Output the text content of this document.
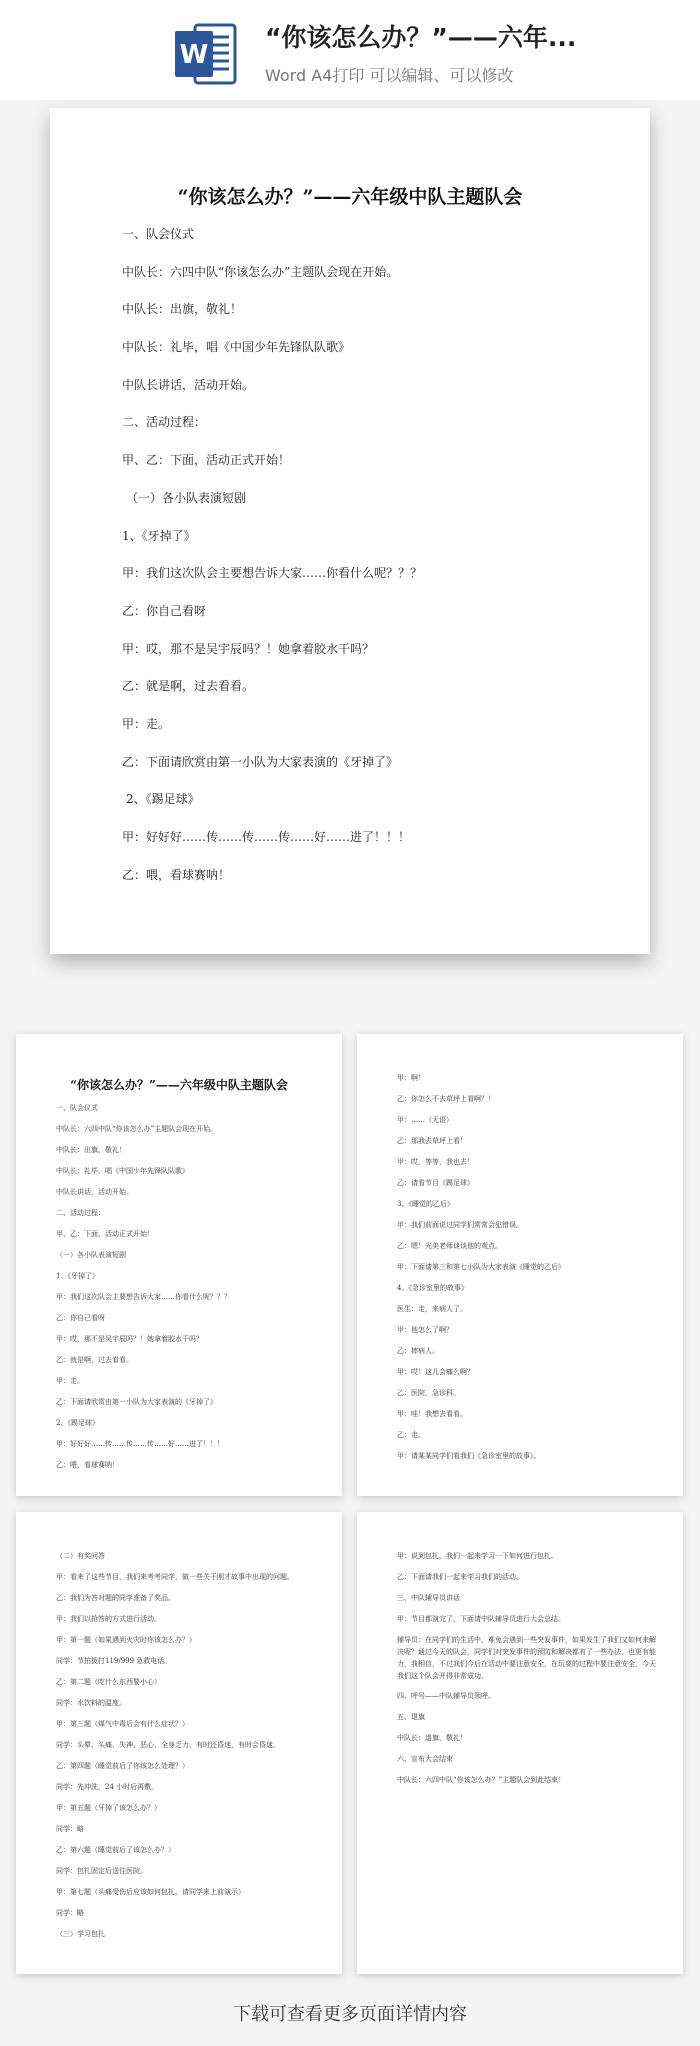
W
“你该怎么办？”——六年...
Word A4打印 可以编辑、可以修改
“你该怎么办？”——六年级中队主题队会
一、队会仪式
中队长：六四中队“你该怎么办”主题队会现在开始。
中队长：出旗，敬礼！
中队长：礼毕，唱《中国少年先锋队队歌》
中队长讲话，活动开始。
二、活动过程：
甲、乙：下面，活动正式开始！
（一）各小队表演短剧
1、《牙掉了》
甲：我们这次队会主要想告诉大家……你看什么呢？？？
乙：你自己看呀
甲：哎，那不是吴宇辰吗？！她拿着胶水干吗？
乙：就是啊，过去看看。
甲：走。
乙：下面请欣赏由第一小队为大家表演的《牙掉了》
2、《踢足球》
甲：好好好……传……传……传……好……进了！！！
乙：喂，看球赛呐！
“你该怎么办？”——六年级中队主题队会
一、队会仪式
中队长：六四中队“你该怎么办”主题队会现在开始。
中队长：出旗，敬礼！
中队长：礼毕，唱《中国少年先锋队队歌》
中队长讲话，活动开始。
二、活动过程：
甲、乙：下面，活动正式开始！
（一）各小队表演短剧
1、《牙掉了》
甲：我们这次队会主要想告诉大家……你看什么呢？？？
乙：你自己看呀
甲：哎，那不是吴宇辰吗？！她拿着胶水干吗？
乙：就是啊，过去看看。
甲：走。
乙：下面请欣赏由第一小队为大家表演的《牙掉了》
2、《踢足球》
甲：好好好……传……传……传……好……进了！！！
乙：喂，看球赛呐！
甲：啊！
乙：你怎么不去草坪上看啊？！
甲：……（无语）
乙：那我去草坪上看！
甲：哎，等等，我也去！
乙：请看节目《踢足球》
3、《睡觉的乙后》
甲：我们前面说过同学们常常会犯错误。
乙：嗯！光美老师谈谈他的观点。
甲：下面请第三和第七小队为大家表演《睡觉的乙后》
4、《急诊室里的故事》
医生：走，来病人了。
甲：他怎么了啊？
乙：摔病人。
甲：哎！这儿会痛么啊？
乙：医院，急诊科。
甲：哇！我想去看看。
乙：走。
甲：请某某同学们看我们《急诊室里的故事》。
（二）有奖问答
甲：看来了这些节目，我们来考考同学，做一些关于刚才故事中出现的问题。
乙：我们为答对题的同学准备了奖品。
甲：我们以抢答的方式进行活动。
甲：第一题（如果遇到火灾时你该怎么办？）
同学：节拍拨打119/999 急救电话。
乙：第二题（吃什么东西要小心）
同学：水饮料的温度。
甲：第三题（煤气中毒后会有什么症状？）
同学：头晕、头痛、失神、恶心、全身乏力、有时还昏迷，有时会昏迷。
乙：第四题（睡觉前后了你该怎么处理？）
同学：先冲洗，24 小时后再敷。
甲：第五题（牙掉了该怎么办？）
同学：略
乙：第六题（睡觉前后了该怎么办？）
同学：包扎固定后送往医院。
甲：第七题（头痛受伤后应该如何包扎，请同学来上前演示）
同学：略
（三）学习包扎
甲：说到包扎，我们一起来学习一下如何进行包扎。
乙：下面请我们一起来学习我们的活动。
三、中队辅导员讲话
甲：节目都演完了，下面请中队辅导员进行大会总结。
辅导员：在同学们的生活中，难免会遇到一些突发事件，如果发生了我们又如何来解决呢？通过今天的队会，同学们对突发事件的预防和解决都有了一些办法，也更有能力，我相信，不过我们今后在活动中要注意安全，在玩耍的过程中要注意安全，今天我们这个队会开得非常成功。
四、呼号——中队辅导员领呼。
五、退旗
中队长：退旗，敬礼！
六、宣布大会结束
中队长：六四中队“你该怎么办？”主题队会到此结束！
下载可查看更多页面详情内容
